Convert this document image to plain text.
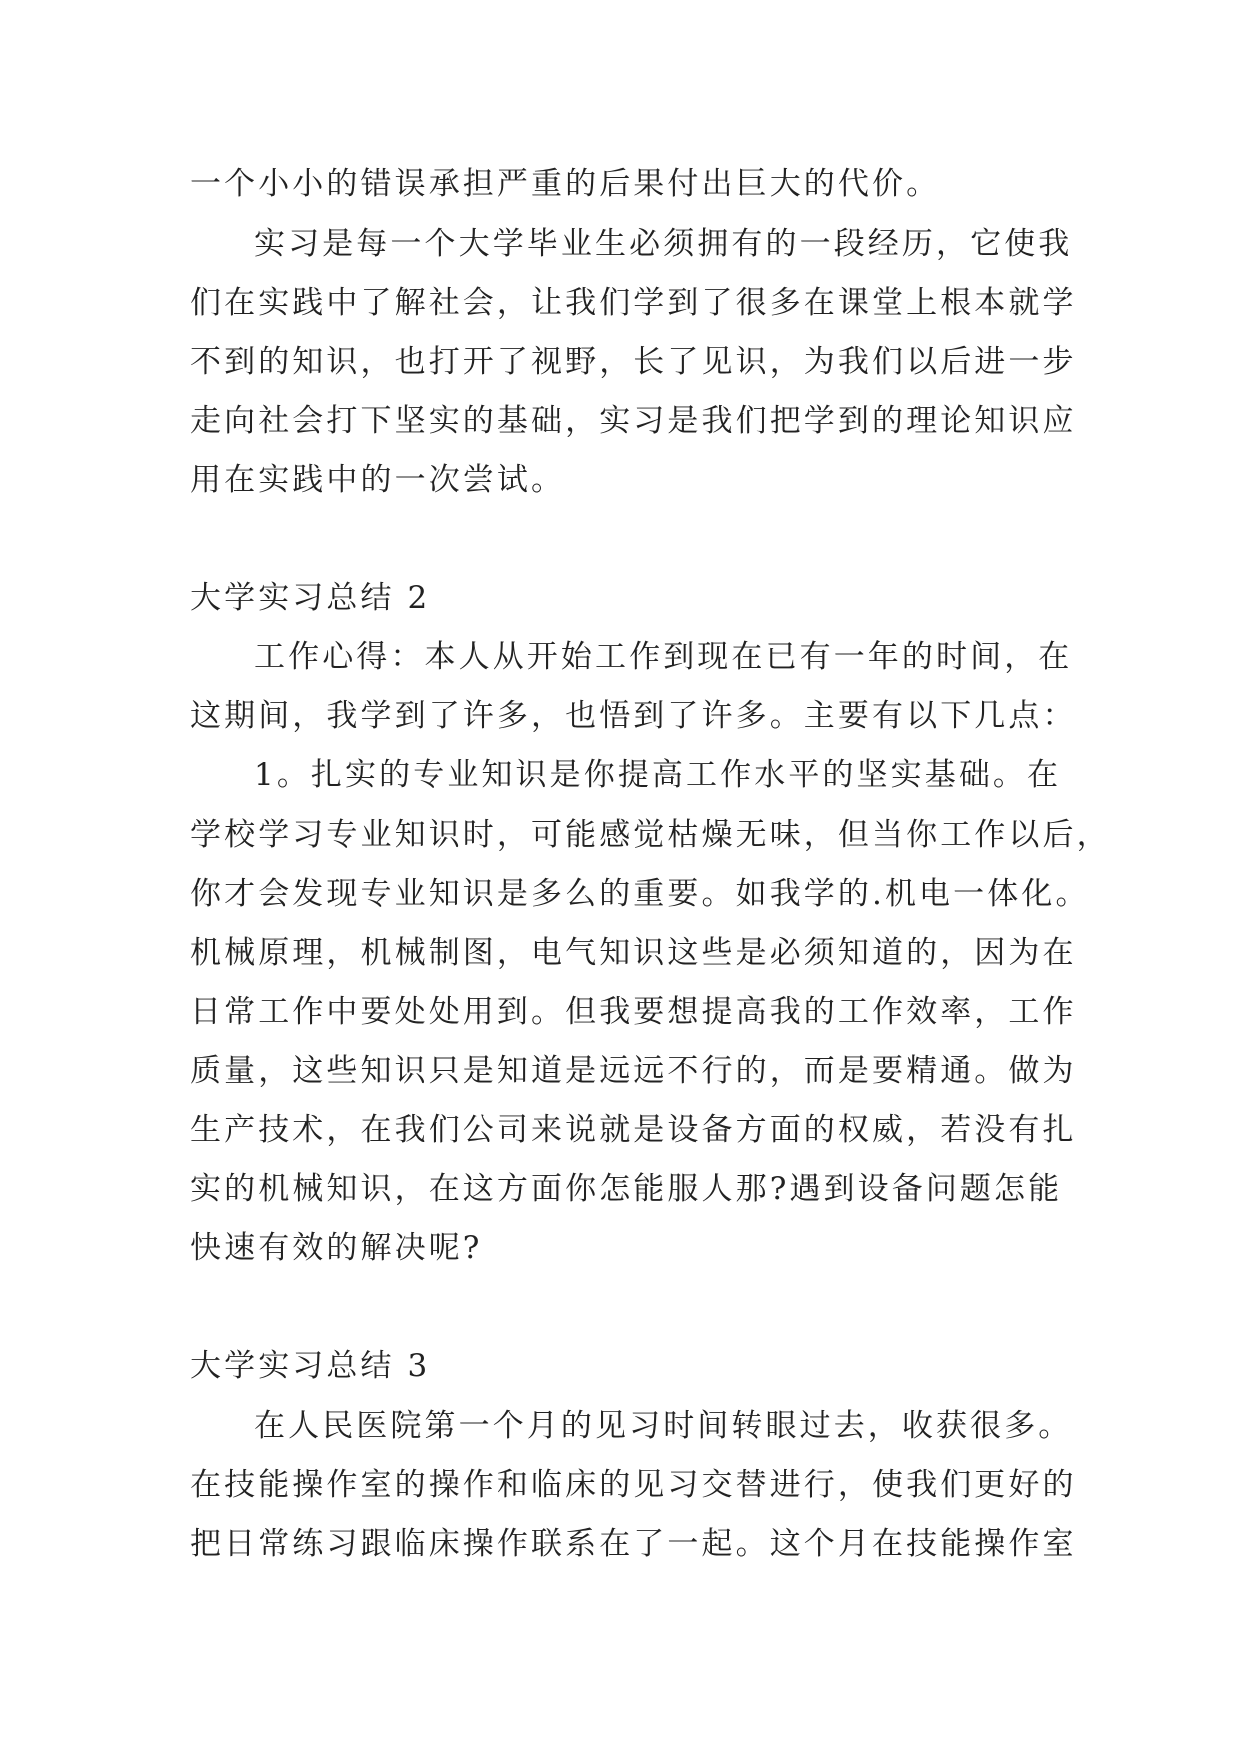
一个小小的错误承担严重的后果付出巨大的代价。
实习是每一个大学毕业生必须拥有的一段经历，它使我
们在实践中了解社会，让我们学到了很多在课堂上根本就学
不到的知识，也打开了视野，长了见识，为我们以后进一步
走向社会打下坚实的基础，实习是我们把学到的理论知识应
用在实践中的一次尝试。
大学实习总结 2
工作心得：本人从开始工作到现在已有一年的时间，在
这期间，我学到了许多，也悟到了许多。主要有以下几点：
1。扎实的专业知识是你提高工作水平的坚实基础。在
学校学习专业知识时，可能感觉枯燥无味，但当你工作以后，
你才会发现专业知识是多么的重要。如我学的.机电一体化。
机械原理，机械制图，电气知识这些是必须知道的，因为在
日常工作中要处处用到。但我要想提高我的工作效率，工作
质量，这些知识只是知道是远远不行的，而是要精通。做为
生产技术，在我们公司来说就是设备方面的权威，若没有扎
实的机械知识，在这方面你怎能服人那?遇到设备问题怎能
快速有效的解决呢?
大学实习总结 3
在人民医院第一个月的见习时间转眼过去，收获很多。
在技能操作室的操作和临床的见习交替进行，使我们更好的
把日常练习跟临床操作联系在了一起。这个月在技能操作室
